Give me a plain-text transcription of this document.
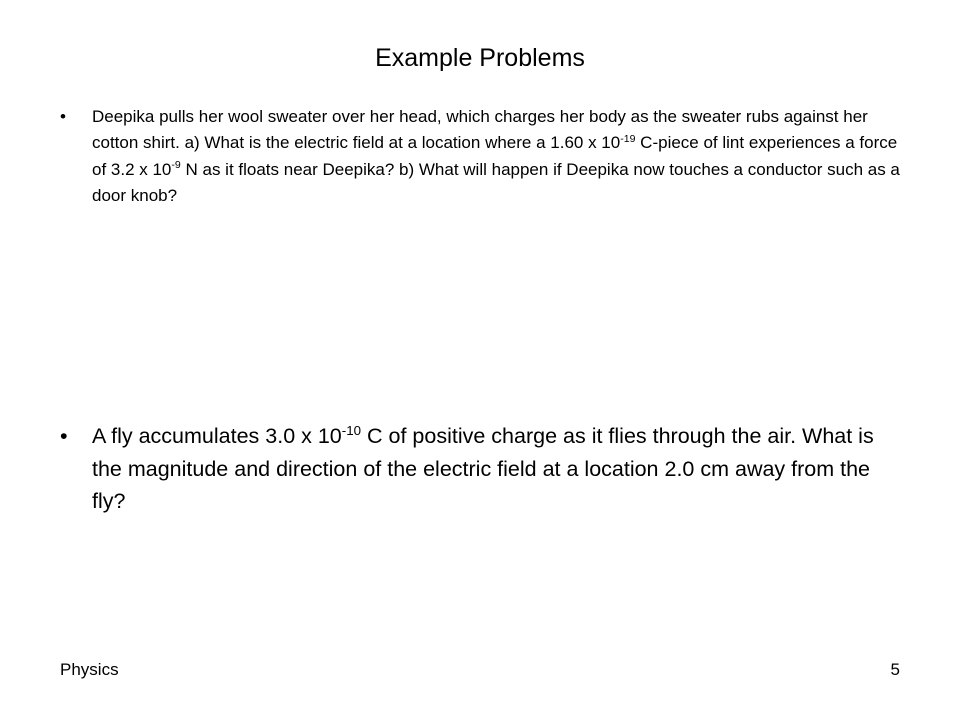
Example Problems
• Deepika pulls her wool sweater over her head, which charges her body as the sweater rubs against her cotton shirt. a) What is the electric field at a location where a 1.60 x $10^{-19}$ C-piece of lint experiences a force of 3.2 x $10^{-9}$ N as it floats near Deepika? b) What will happen if Deepika now touches a conductor such as a door knob?
• A fly accumulates 3.0 x $10^{-10}$ C of positive charge as it flies through the air. What is the magnitude and direction of the electric field at a location 2.0 cm away from the fly?
Physics	5
